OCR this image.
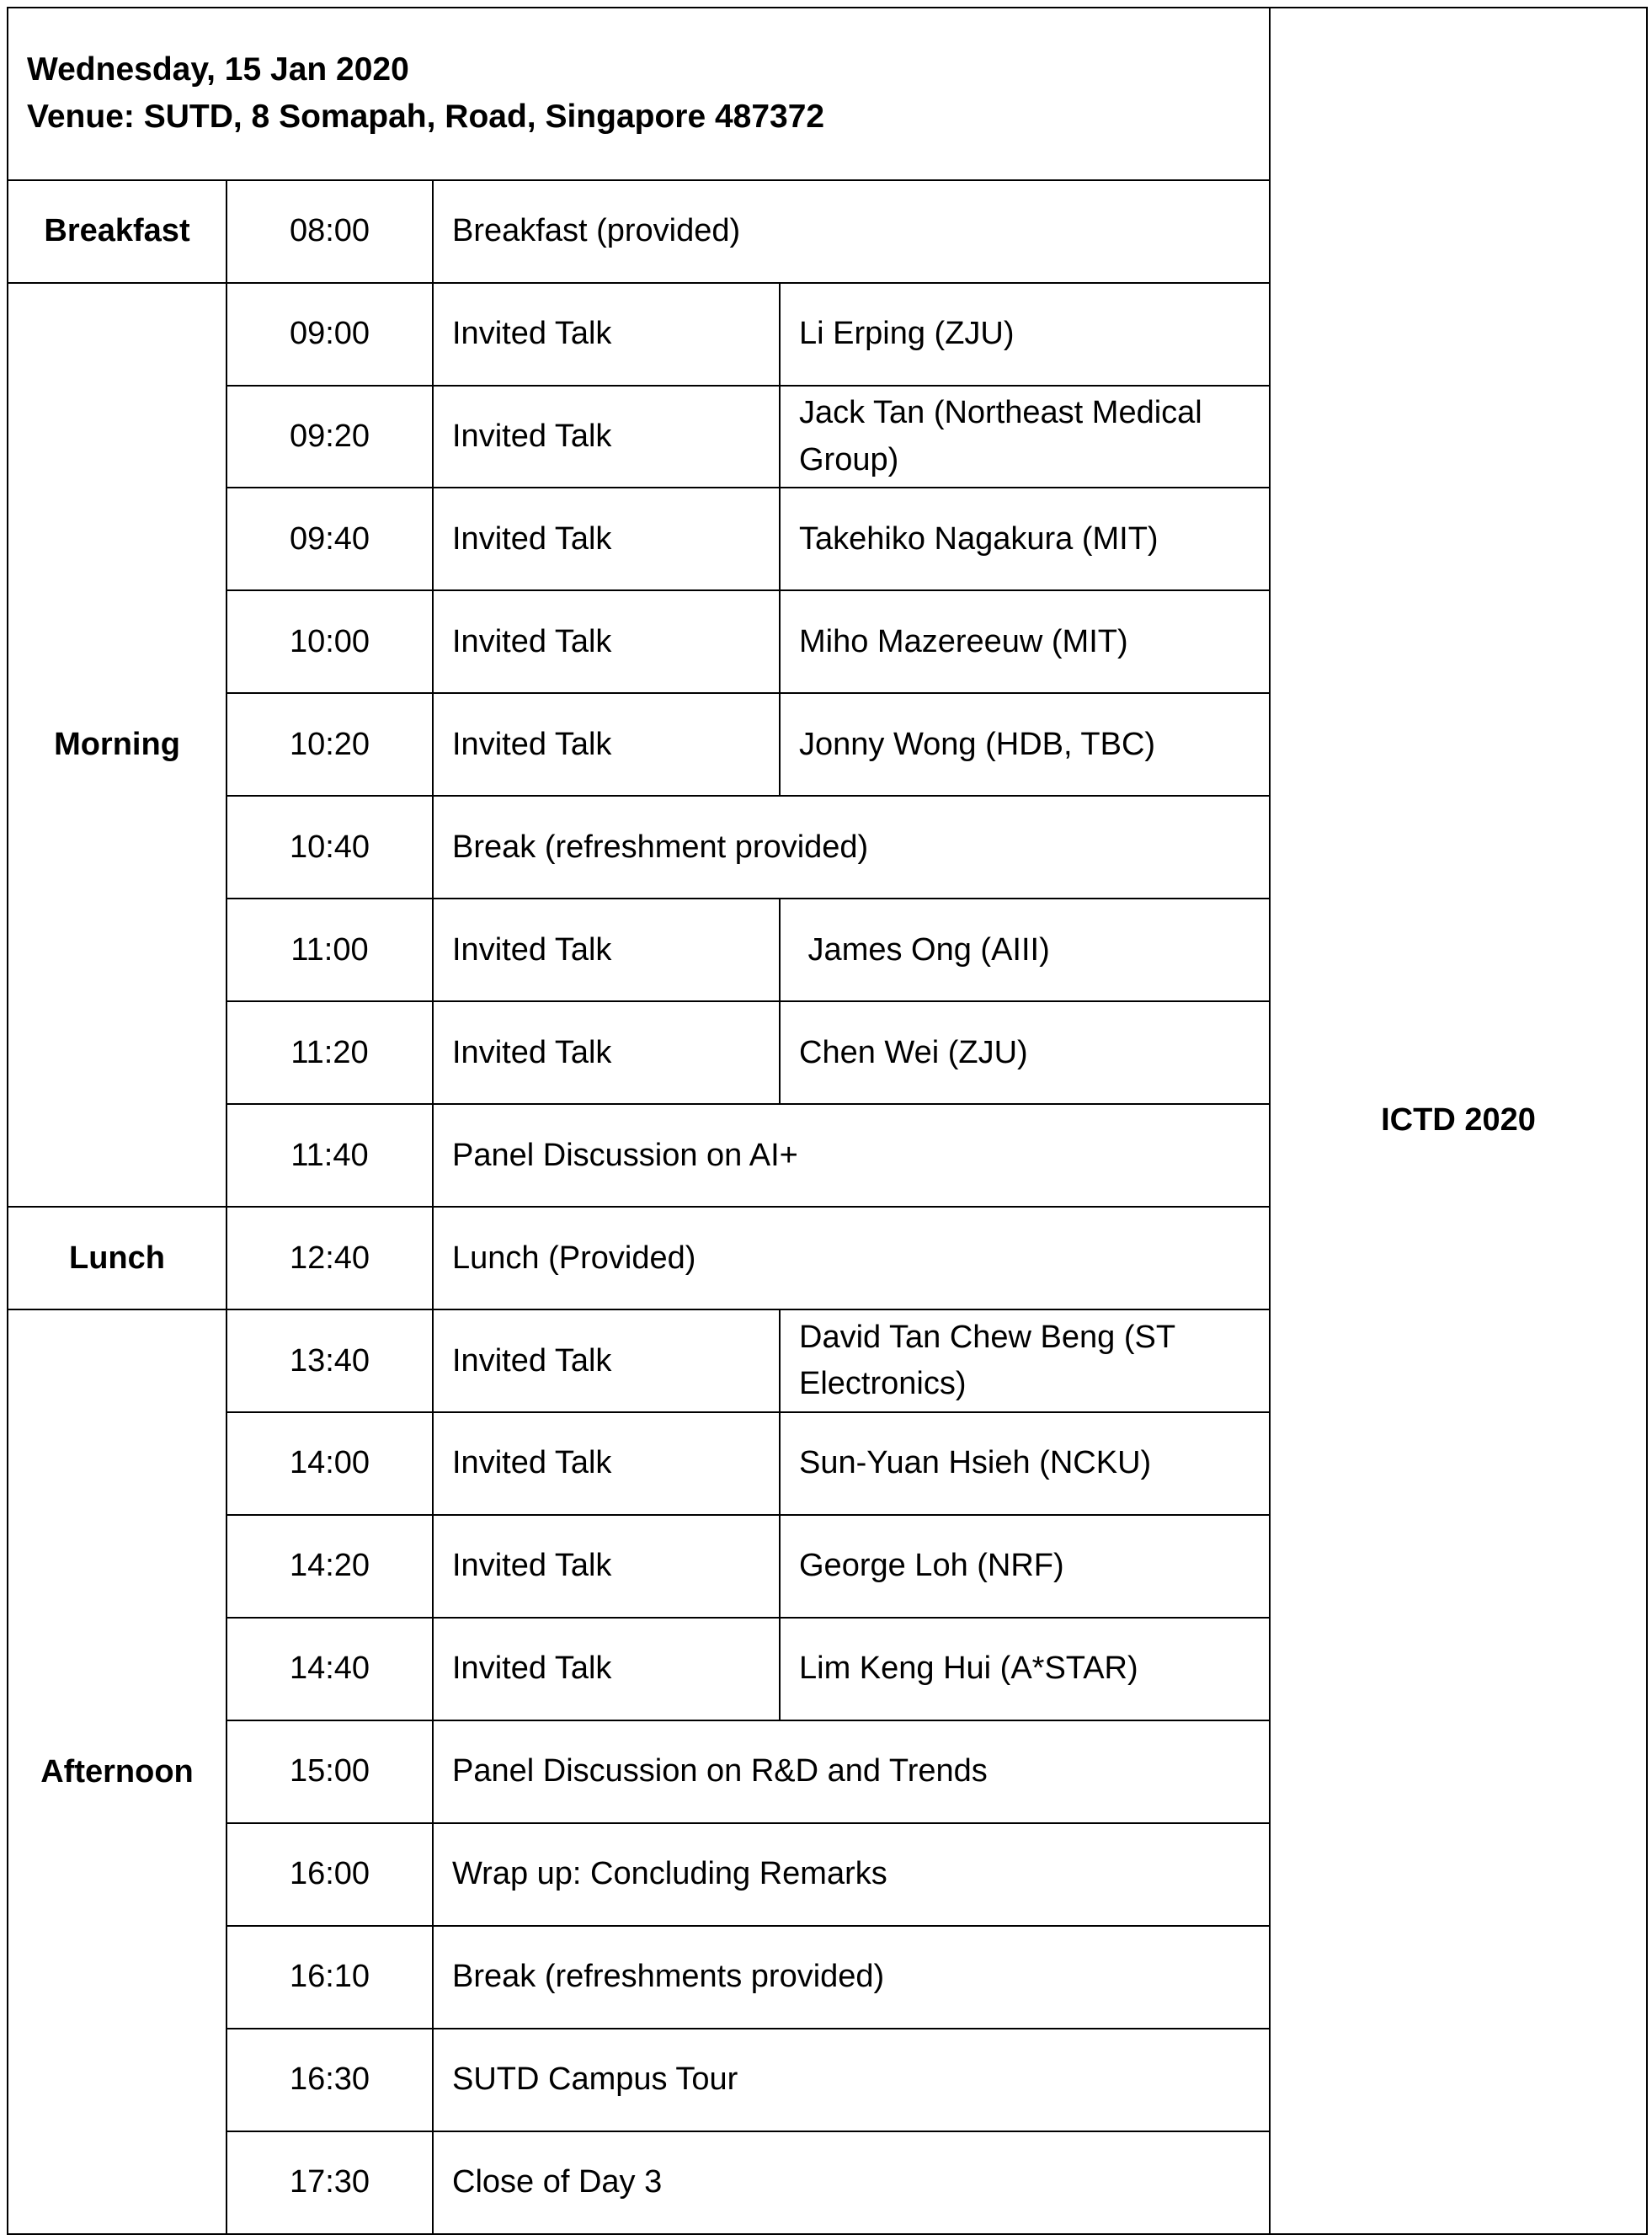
Wednesday, 15 Jan 2020
Venue: SUTD, 8 Somapah, Road, Singapore 487372				ICTD 2020
Breakfast	08:00	Breakfast (provided)		
Morning	09:00	Invited Talk	Li Erping (ZJU)	
	09:20	Invited Talk	Jack Tan (Northeast Medical Group)	
	09:40	Invited Talk	Takehiko Nagakura (MIT)	
	10:00	Invited Talk	Miho Mazereeuw (MIT)	
	10:20	Invited Talk	Jonny Wong (HDB, TBC)	
	10:40	Break (refreshment provided)		
	11:00	Invited Talk	James Ong (AIII)	
	11:20	Invited Talk	Chen Wei (ZJU)	
	11:40	Panel Discussion on AI+		
Lunch	12:40	Lunch (Provided)		
Afternoon	13:40	Invited Talk	David Tan Chew Beng (ST Electronics)	
	14:00	Invited Talk	Sun-Yuan Hsieh (NCKU)	
	14:20	Invited Talk	George Loh (NRF)	
	14:40	Invited Talk	Lim Keng Hui (A*STAR)	
	15:00	Panel Discussion on R&D and Trends		
	16:00	Wrap up: Concluding Remarks		
	16:10	Break (refreshments provided)		
	16:30	SUTD Campus Tour		
	17:30	Close of Day 3		
